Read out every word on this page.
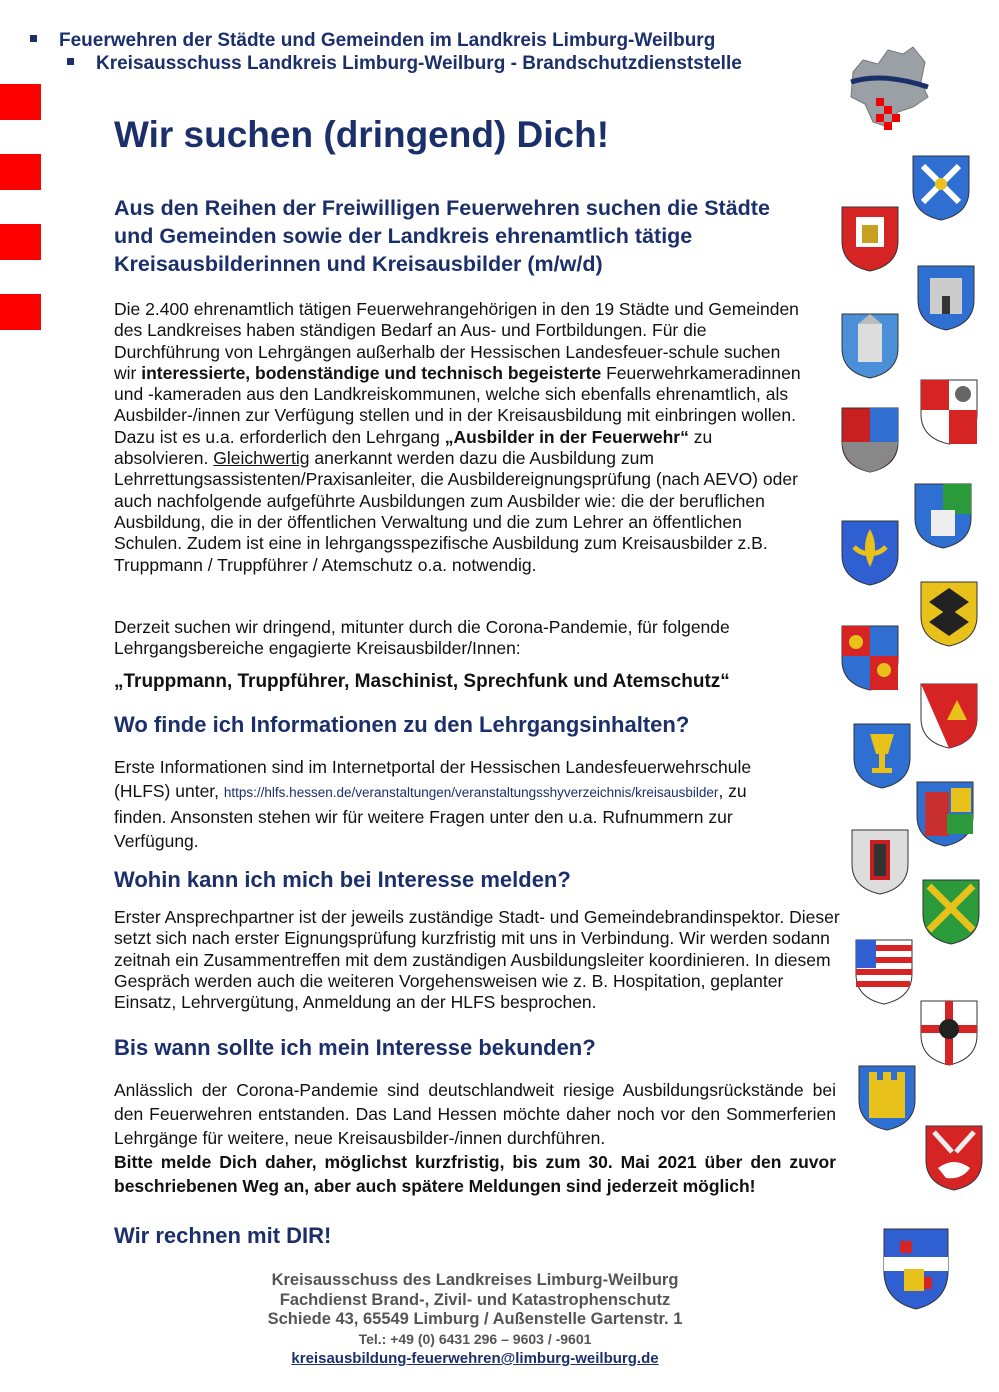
Feuerwehren der Städte und Gemeinden im Landkreis Limburg-Weilburg
Kreisausschuss Landkreis Limburg-Weilburg - Brandschutzdienststelle
Wir suchen (dringend) Dich!

Aus den Reihen der Freiwilligen Feuerwehren suchen die Städte und Gemeinden sowie der Landkreis ehrenamtlich tätige Kreisausbilderinnen und Kreisausbilder (m/w/d)

Die 2.400 ehrenamtlich tätigen Feuerwehrangehörigen in den 19 Städte und Gemeinden des Landkreises haben ständigen Bedarf an Aus- und Fortbildungen. Für die Durchführung von Lehrgängen außerhalb der Hessischen Landesfeuer-schule suchen wir interessierte, bodenständige und technisch begeisterte Feuerwehrkameradinnen und -kameraden aus den Landkreiskommunen, welche sich ebenfalls ehrenamtlich, als Ausbilder-/innen zur Verfügung stellen und in der Kreisausbildung mit einbringen wollen.
Dazu ist es u.a. erforderlich den Lehrgang „Ausbilder in der Feuerwehr“ zu absolvieren. Gleichwertig anerkannt werden dazu die Ausbildung zum Lehrrettungsassistenten/Praxisanleiter, die Ausbildereignungsprüfung (nach AEVO) oder auch nachfolgende aufgeführte Ausbildungen zum Ausbilder wie: die der beruflichen Ausbildung, die in der öffentlichen Verwaltung und die zum Lehrer an öffentlichen Schulen. Zudem ist eine in lehrgangsspezifische Ausbildung zum Kreisausbilder z.B. Truppmann / Truppführer / Atemschutz o.a. notwendig.

Derzeit suchen wir dringend, mitunter durch die Corona-Pandemie, für folgende Lehrgangsbereiche engagierte Kreisausbilder/Innen:

„Truppmann, Truppführer, Maschinist, Sprechfunk und Atemschutz“

Wo finde ich Informationen zu den Lehrgangsinhalten?

Erste Informationen sind im Internetportal der Hessischen Landesfeuerwehrschule (HLFS) unter, https://hlfs.hessen.de/veranstaltungen/veranstaltungsshyverzeichnis/kreisausbilder, zu finden. Ansonsten stehen wir für weitere Fragen unter den u.a. Rufnummern zur Verfügung.

Wohin kann ich mich bei Interesse melden?

Erster Ansprechpartner ist der jeweils zuständige Stadt- und Gemeindebrandinspektor. Dieser setzt sich nach erster Eignungsprüfung kurzfristig mit uns in Verbindung. Wir werden sodann zeitnah ein Zusammentreffen mit dem zuständigen Ausbildungsleiter koordinieren. In diesem Gespräch werden auch die weiteren Vorgehensweisen wie z. B. Hospitation, geplanter Einsatz, Lehrvergütung, Anmeldung an der HLFS besprochen.

Bis wann sollte ich mein Interesse bekunden?

Anlässlich der Corona-Pandemie sind deutschlandweit riesige Ausbildungsrückstände bei den Feuerwehren entstanden. Das Land Hessen möchte daher noch vor den Sommerferien Lehrgänge für weitere, neue Kreisausbilder-/innen durchführen.
Bitte melde Dich daher, möglichst kurzfristig, bis zum 30. Mai 2021 über den zuvor beschriebenen Weg an, aber auch spätere Meldungen sind jederzeit möglich!

Wir rechnen mit DIR!
Kreisausschuss des Landkreises Limburg-Weilburg
Fachdienst Brand-, Zivil- und Katastrophenschutz
Schiede 43, 65549 Limburg / Außenstelle Gartenstr. 1
Tel.: +49 (0) 6431 296 – 9603 / -9601
kreisausbildung-feuerwehren@limburg-weilburg.de
